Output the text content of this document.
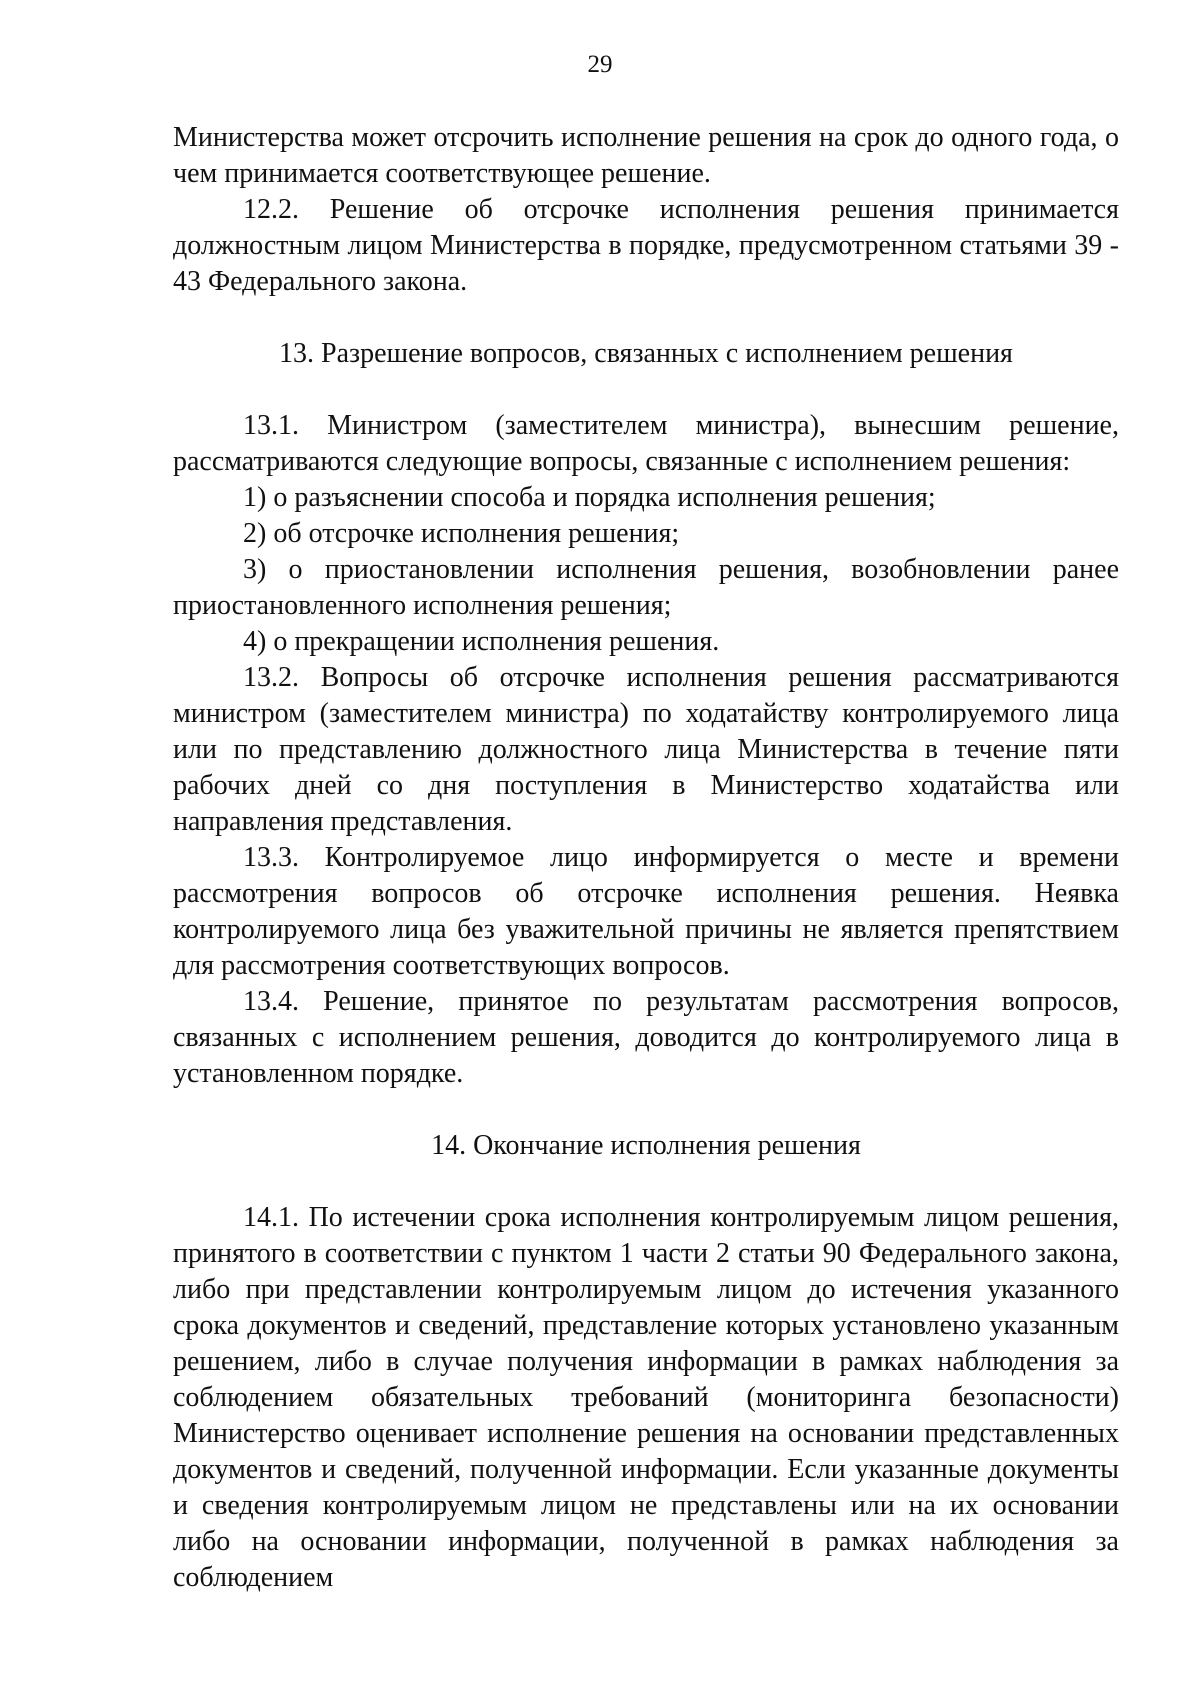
29

Министерства может отсрочить исполнение решения на срок до одного года, о чем принимается соответствующее решение.

12.2. Решение об отсрочке исполнения решения принимается должностным лицом Министерства в порядке, предусмотренном статьями 39 - 43 Федерального закона.

13. Разрешение вопросов, связанных с исполнением решения

13.1. Министром (заместителем министра), вынесшим решение, рассматриваются следующие вопросы, связанные с исполнением решения:

1) о разъяснении способа и порядка исполнения решения;

2) об отсрочке исполнения решения;

3) о приостановлении исполнения решения, возобновлении ранее приостановленного исполнения решения;

4) о прекращении исполнения решения.

13.2. Вопросы об отсрочке исполнения решения рассматриваются министром (заместителем министра) по ходатайству контролируемого лица или по представлению должностного лица Министерства в течение пяти рабочих дней со дня поступления в Министерство ходатайства или направления представления.

13.3. Контролируемое лицо информируется о месте и времени рассмотрения вопросов об отсрочке исполнения решения. Неявка контролируемого лица без уважительной причины не является препятствием для рассмотрения соответствующих вопросов.

13.4. Решение, принятое по результатам рассмотрения вопросов, связанных с исполнением решения, доводится до контролируемого лица в установленном порядке.

14. Окончание исполнения решения

14.1. По истечении срока исполнения контролируемым лицом решения, принятого в соответствии с пунктом 1 части 2 статьи 90 Федерального закона, либо при представлении контролируемым лицом до истечения указанного срока документов и сведений, представление которых установлено указанным решением, либо в случае получения информации в рамках наблюдения за соблюдением обязательных требований (мониторинга безопасности) Министерство оценивает исполнение решения на основании представленных документов и сведений, полученной информации. Если указанные документы и сведения контролируемым лицом не представлены или на их основании либо на основании информации, полученной в рамках наблюдения за соблюдением
